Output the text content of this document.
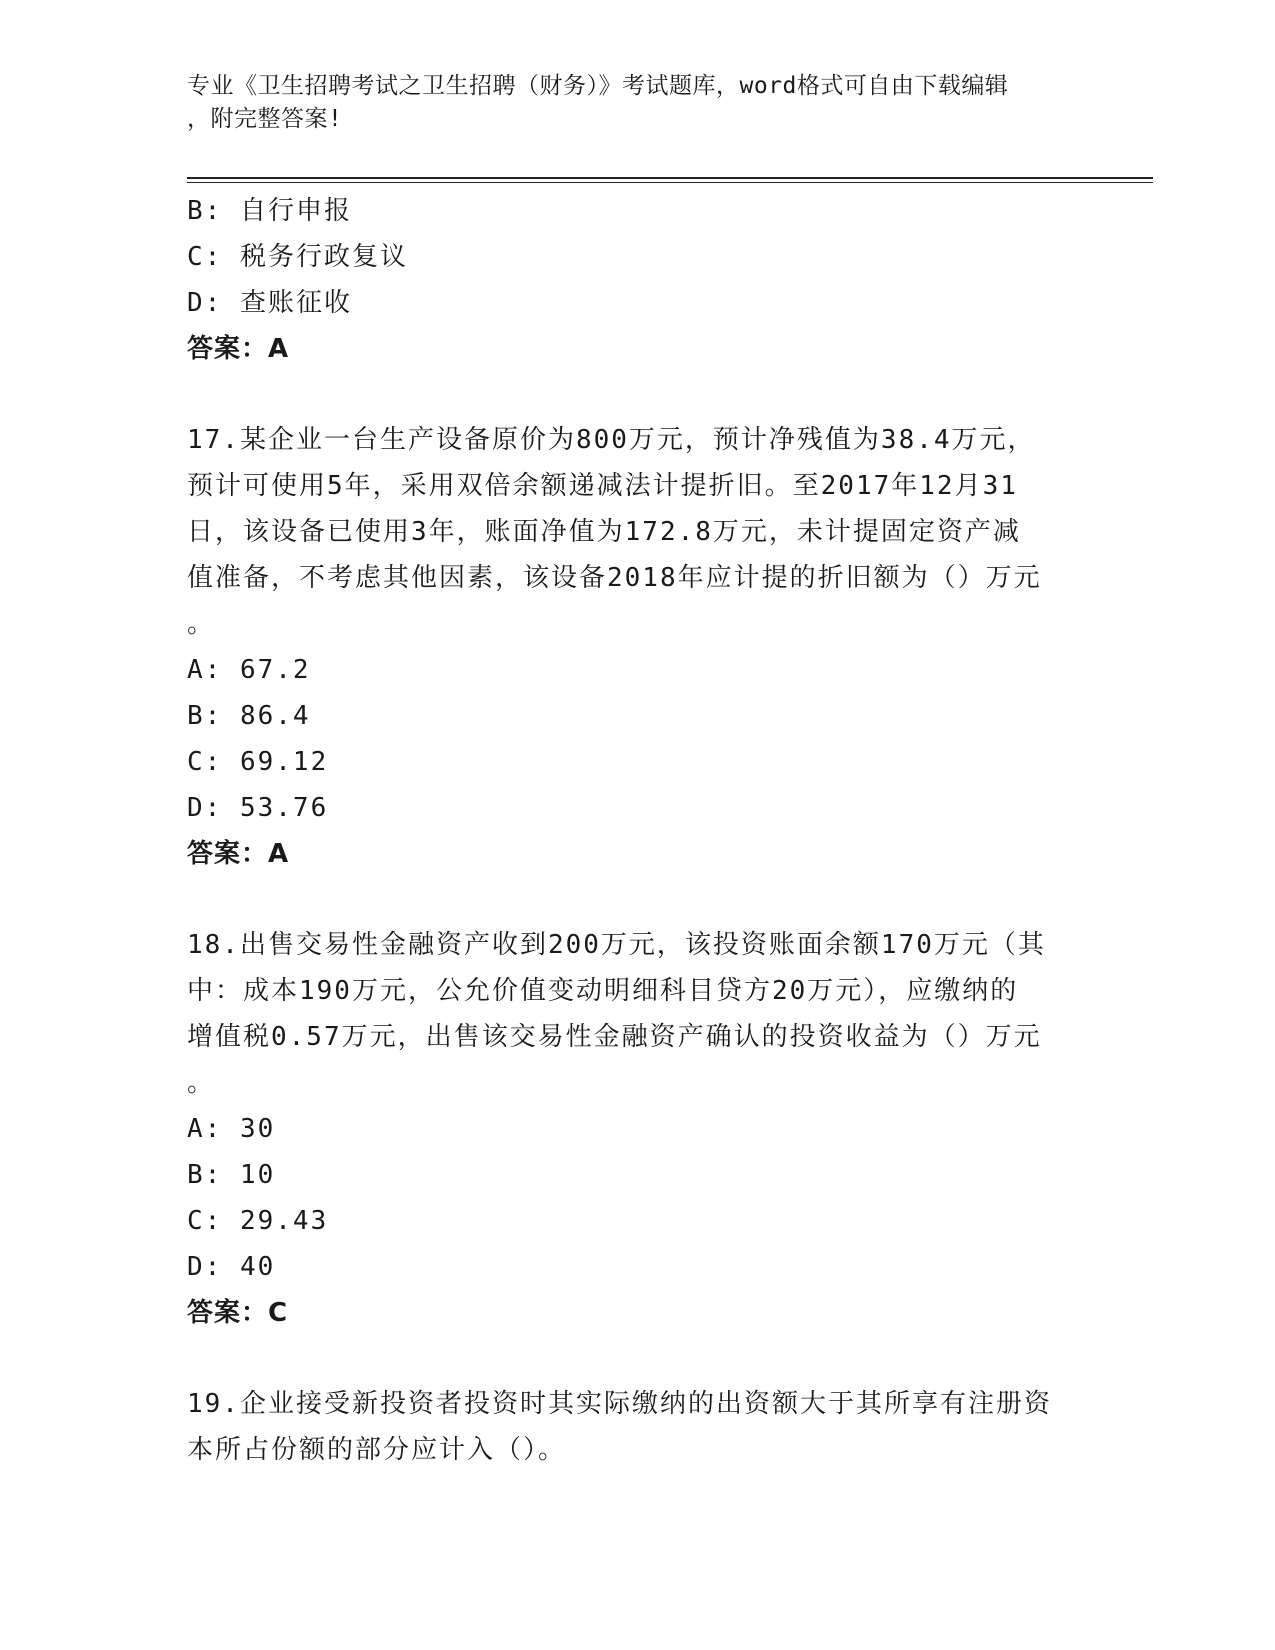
专业《卫生招聘考试之卫生招聘（财务）》考试题库，word格式可自由下载编辑
，附完整答案!
B: 自行申报
C: 税务行政复议
D: 查账征收
答案：A
17.某企业一台生产设备原价为800万元，预计净残值为38.4万元，
预计可使用5年，采用双倍余额递减法计提折旧。至2017年12月31
日，该设备已使用3年，账面净值为172.8万元，未计提固定资产减
值准备，不考虑其他因素，该设备2018年应计提的折旧额为（）万元
。
A: 67.2
B: 86.4
C: 69.12
D: 53.76
答案：A
18.出售交易性金融资产收到200万元，该投资账面余额170万元（其
中：成本190万元，公允价值变动明细科目贷方20万元），应缴纳的
增值税0.57万元，出售该交易性金融资产确认的投资收益为（）万元
。
A: 30
B: 10
C: 29.43
D: 40
答案：C
19.企业接受新投资者投资时其实际缴纳的出资额大于其所享有注册资
本所占份额的部分应计入（）。
